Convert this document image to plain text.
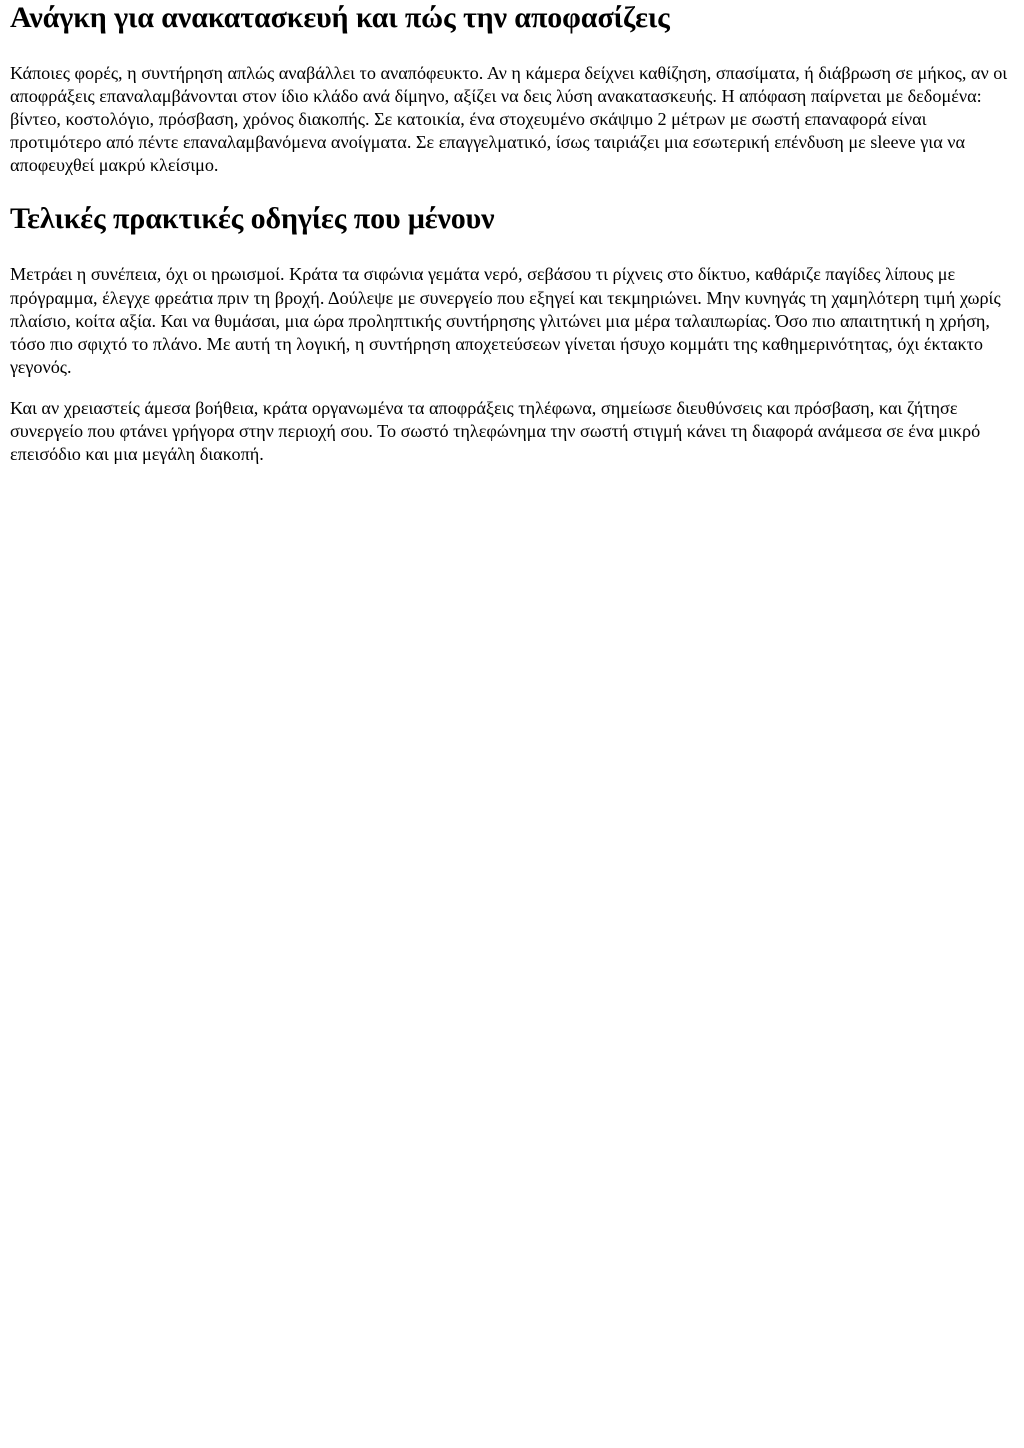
Ανάγκη για ανακατασκευή και πώς την αποφασίζεις

Κάποιες φορές, η συντήρηση απλώς αναβάλλει το αναπόφευκτο. Αν η κάμερα δείχνει καθίζηση, σπασίματα, ή διάβρωση σε μήκος, αν οι αποφράξεις επαναλαμβάνονται στον ίδιο κλάδο ανά δίμηνο, αξίζει να δεις λύση ανακατασκευής. Η απόφαση παίρνεται με δεδομένα: βίντεο, κοστολόγιο, πρόσβαση, χρόνος διακοπής. Σε κατοικία, ένα στοχευμένο σκάψιμο 2 μέτρων με σωστή επαναφορά είναι προτιμότερο από πέντε επαναλαμβανόμενα ανοίγματα. Σε επαγγελματικό, ίσως ταιριάζει μια εσωτερική επένδυση με sleeve για να αποφευχθεί μακρύ κλείσιμο.

Τελικές πρακτικές οδηγίες που μένουν

Μετράει η συνέπεια, όχι οι ηρωισμοί. Κράτα τα σιφώνια γεμάτα νερό, σεβάσου τι ρίχνεις στο δίκτυο, καθάριζε παγίδες λίπους με πρόγραμμα, έλεγχε φρεάτια πριν τη βροχή. Δούλεψε με συνεργείο που εξηγεί και τεκμηριώνει. Μην κυνηγάς τη χαμηλότερη τιμή χωρίς πλαίσιο, κοίτα αξία. Και να θυμάσαι, μια ώρα προληπτικής συντήρησης γλιτώνει μια μέρα ταλαιπωρίας. Όσο πιο απαιτητική η χρήση, τόσο πιο σφιχτό το πλάνο. Με αυτή τη λογική, η συντήρηση αποχετεύσεων γίνεται ήσυχο κομμάτι της καθημερινότητας, όχι έκτακτο γεγονός.

Και αν χρειαστείς άμεσα βοήθεια, κράτα οργανωμένα τα αποφράξεις τηλέφωνα, σημείωσε διευθύνσεις και πρόσβαση, και ζήτησε συνεργείο που φτάνει γρήγορα στην περιοχή σου. Το σωστό τηλεφώνημα την σωστή στιγμή κάνει τη διαφορά ανάμεσα σε ένα μικρό επεισόδιο και μια μεγάλη διακοπή.
